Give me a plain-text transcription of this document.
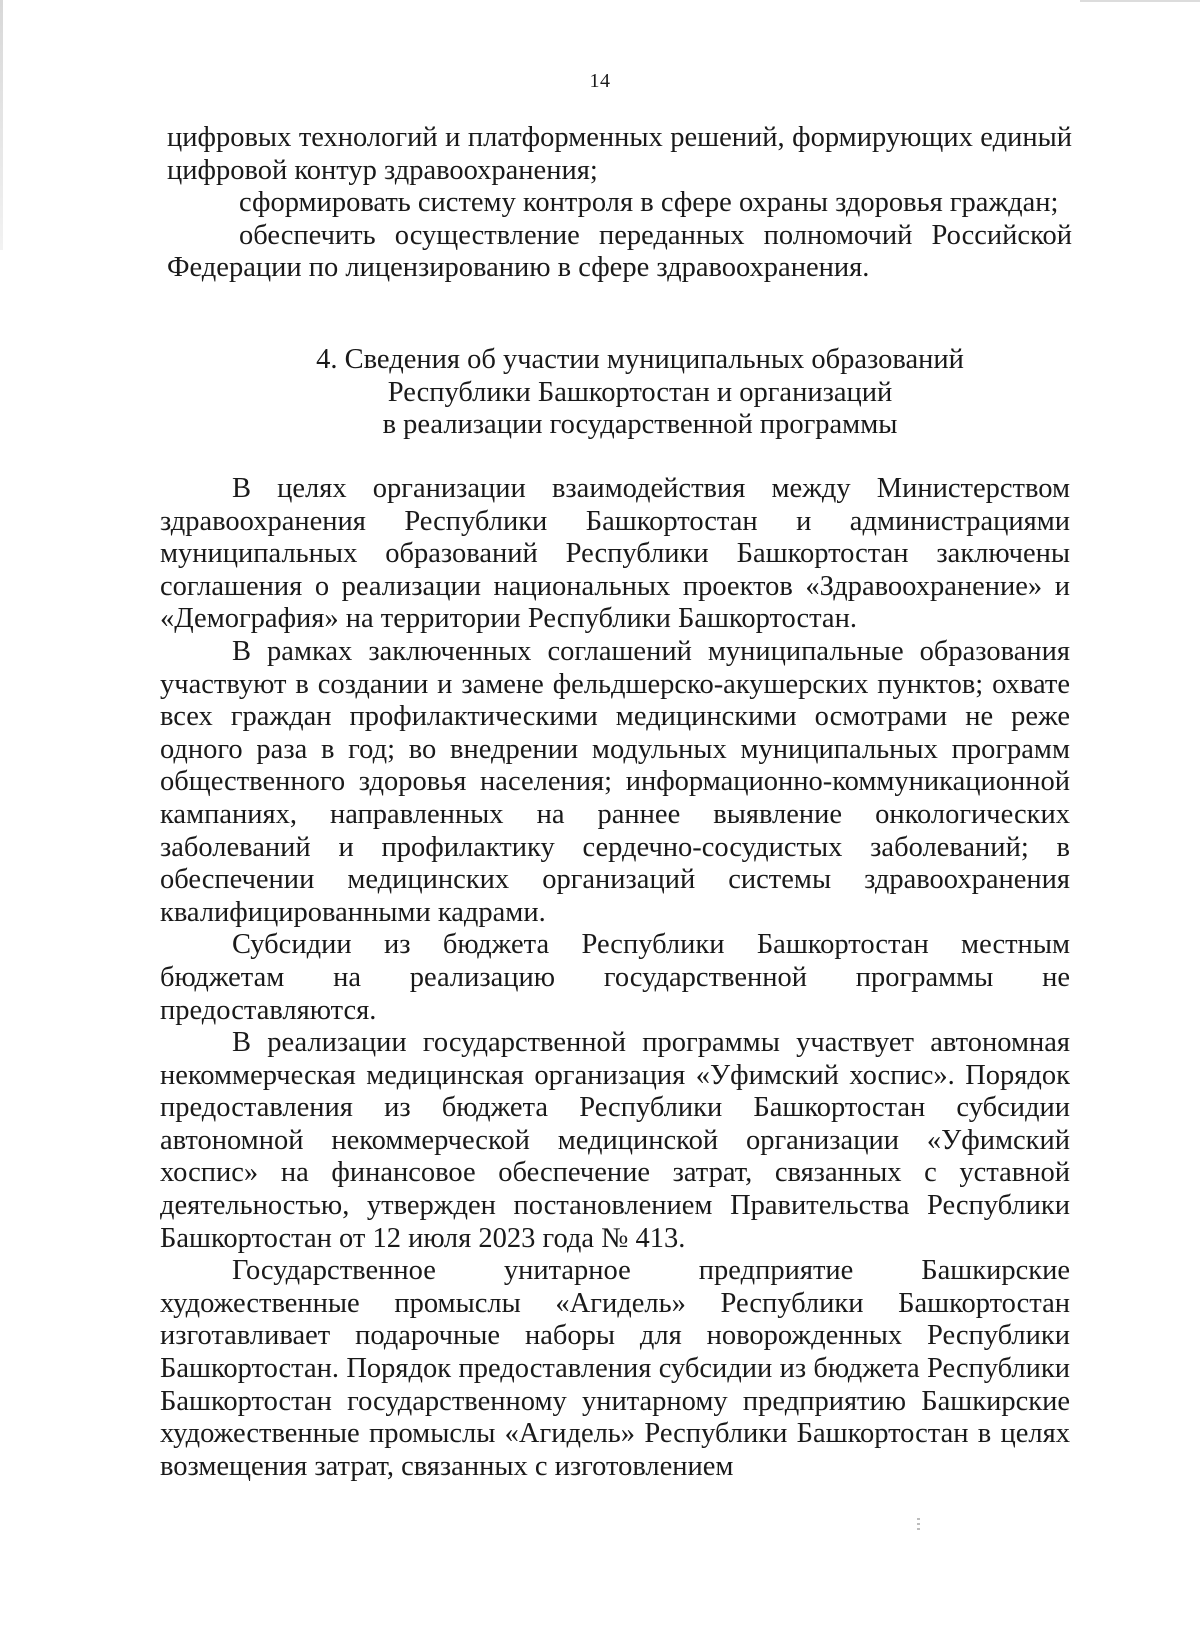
14

цифровых технологий и платформенных решений, формирующих единый цифровой контур здравоохранения;

сформировать систему контроля в сфере охраны здоровья граждан;

обеспечить осуществление переданных полномочий Российской Федерации по лицензированию в сфере здравоохранения.

4. Сведения об участии муниципальных образований
Республики Башкортостан и организаций
в реализации государственной программы

В целях организации взаимодействия между Министерством здравоохранения Республики Башкортостан и администрациями муниципальных образований Республики Башкортостан заключены соглашения о реализации национальных проектов «Здравоохранение» и «Демография» на территории Республики Башкортостан.

В рамках заключенных соглашений муниципальные образования участвуют в создании и замене фельдшерско-акушерских пунктов; охвате всех граждан профилактическими медицинскими осмотрами не реже одного раза в год; во внедрении модульных муниципальных программ общественного здоровья населения; информационно-коммуникационной кампаниях, направленных на раннее выявление онкологических заболеваний и профилактику сердечно-сосудистых заболеваний; в обеспечении медицинских организаций системы здравоохранения квалифицированными кадрами.

Субсидии из бюджета Республики Башкортостан местным бюджетам на реализацию государственной программы не предоставляются.

В реализации государственной программы участвует автономная некоммерческая медицинская организация «Уфимский хоспис». Порядок предоставления из бюджета Республики Башкортостан субсидии автономной некоммерческой медицинской организации «Уфимский хоспис» на финансовое обеспечение затрат, связанных с уставной деятельностью, утвержден постановлением Правительства Республики Башкортостан от 12 июля 2023 года № 413.

Государственное унитарное предприятие Башкирские художественные промыслы «Агидель» Республики Башкортостан изготавливает подарочные наборы для новорожденных Республики Башкортостан. Порядок предоставления субсидии из бюджета Республики Башкортостан государственному унитарному предприятию Башкирские художественные промыслы «Агидель» Республики Башкортостан в целях возмещения затрат, связанных с изготовлением
